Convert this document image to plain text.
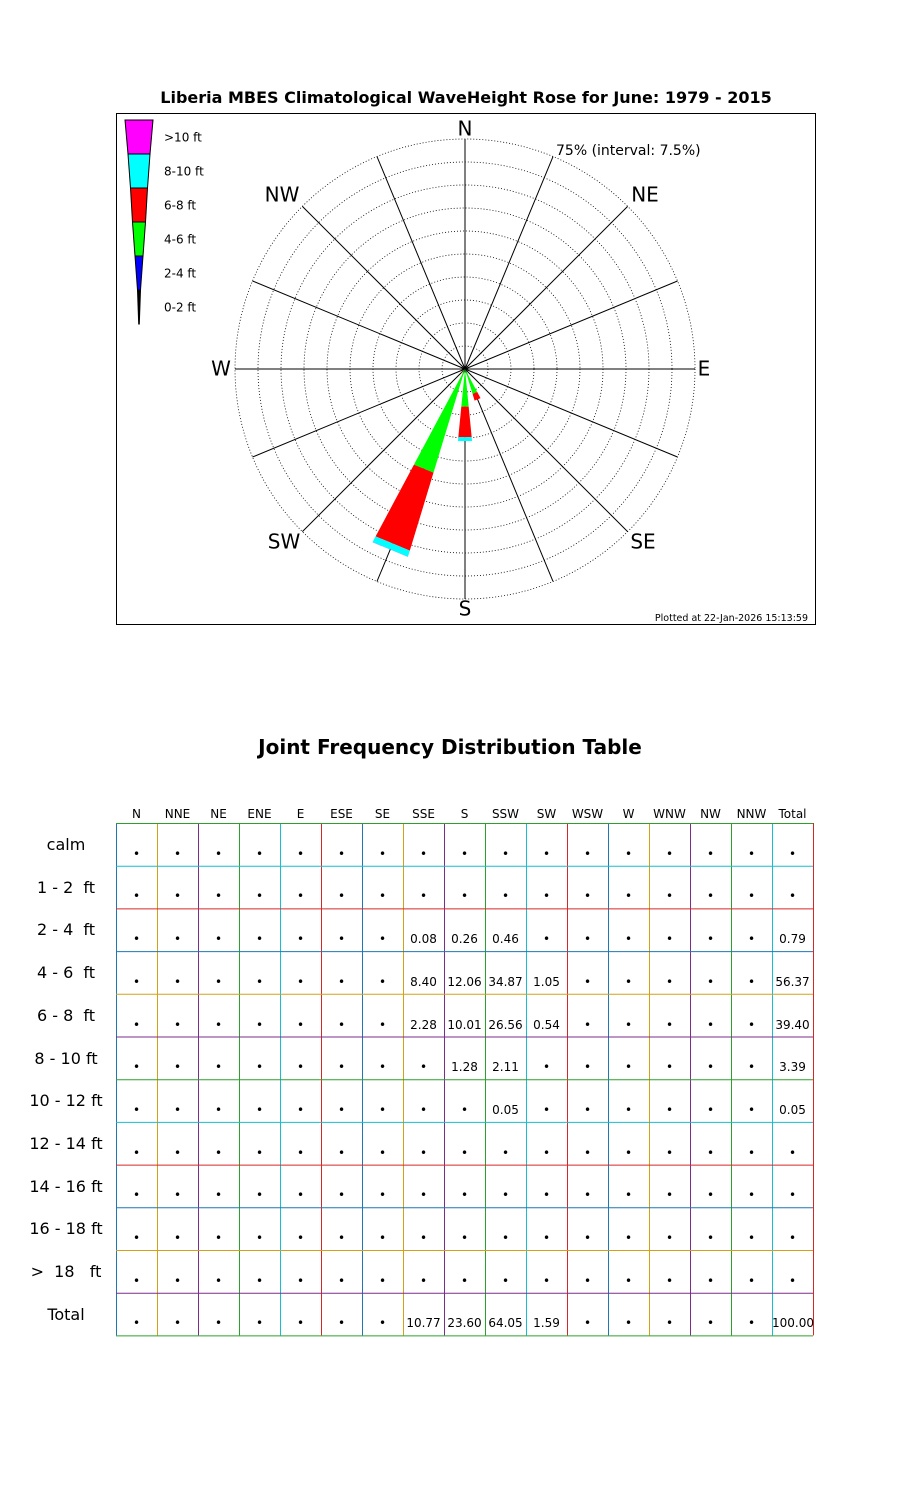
Liberia MBES Climatological WaveHeight Rose for June: 1979 - 2015
N
NE
E
SE
S
SW
W
NW
75% (interval: 7.5%)
Plotted at 22-Jan-2026 15:13:59
>10 ft
8-10 ft
6-8 ft
4-6 ft
2-4 ft
0-2 ft
Joint Frequency Distribution Table
N	NNE	NE	ENE	E	ESE	SE	SSE	S	SSW	SW	WSW	W	WNW	NW	NNW	Total
calm	•	•	•	•	•	•	•	•	•	•	•	•	•	•	•	•	•
1 - 2  ft	•	•	•	•	•	•	•	•	•	•	•	•	•	•	•	•	•
2 - 4  ft	•	•	•	•	•	•	•	0.08	0.26	0.46	•	•	•	•	•	•	0.79
4 - 6  ft	•	•	•	•	•	•	•	8.40 12.06 34.87 1.05	•	•	•	•	•	56.37
6 - 8  ft	•	•	•	•	•	•	•	2.28 10.01 26.56 0.54	•	•	•	•	•	39.40
8 - 10 ft	•	•	•	•	•	•	•	•	1.28	2.11	•	•	•	•	•	•	3.39
10 - 12 ft	•	•	•	•	•	•	•	•	•	0.05	•	•	•	•	•	•	0.05
12 - 14 ft	•	•	•	•	•	•	•	•	•	•	•	•	•	•	•	•	•
14 - 16 ft	•	•	•	•	•	•	•	•	•	•	•	•	•	•	•	•	•
16 - 18 ft	•	•	•	•	•	•	•	•	•	•	•	•	•	•	•	•	•
>  18   ft	•	•	•	•	•	•	•	•	•	•	•	•	•	•	•	•	•
Total	•	•	•	•	•	•	•	10.77 23.60 64.05 1.59	•	•	•	•	•	100.00
